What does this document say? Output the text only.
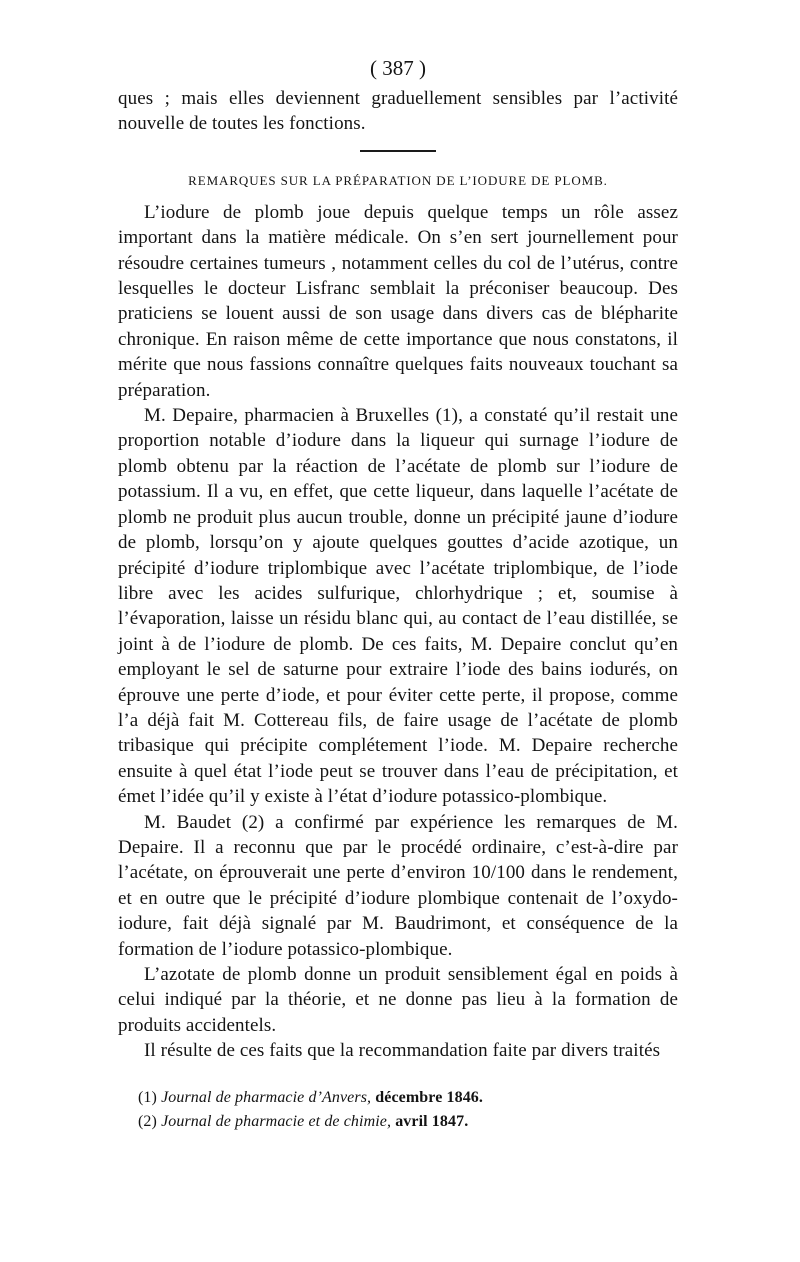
( 387 )

ques ; mais elles deviennent graduellement sensibles par l’activité nouvelle de toutes les fonctions.

REMARQUES SUR LA PRÉPARATION DE L’IODURE DE PLOMB.

L’iodure de plomb joue depuis quelque temps un rôle assez important dans la matière médicale. On s’en sert journellement pour résoudre certaines tumeurs , notamment celles du col de l’utérus, contre lesquelles le docteur Lisfranc semblait la préconiser beaucoup. Des praticiens se louent aussi de son usage dans divers cas de blépharite chronique. En raison même de cette importance que nous constatons, il mérite que nous fassions connaître quelques faits nouveaux touchant sa préparation.

M. Depaire, pharmacien à Bruxelles (1), a constaté qu’il restait une proportion notable d’iodure dans la liqueur qui surnage l’iodure de plomb obtenu par la réaction de l’acétate de plomb sur l’iodure de potassium. Il a vu, en effet, que cette liqueur, dans laquelle l’acétate de plomb ne produit plus aucun trouble, donne un précipité jaune d’iodure de plomb, lorsqu’on y ajoute quelques gouttes d’acide azotique, un précipité d’iodure triplombique avec l’acétate triplombique, de l’iode libre avec les acides sulfurique, chlorhydrique ; et, soumise à l’évaporation, laisse un résidu blanc qui, au contact de l’eau distillée, se joint à de l’iodure de plomb. De ces faits, M. Depaire conclut qu’en employant le sel de saturne pour extraire l’iode des bains iodurés, on éprouve une perte d’iode, et pour éviter cette perte, il propose, comme l’a déjà fait M. Cottereau fils, de faire usage de l’acétate de plomb tribasique qui précipite complétement l’iode. M. Depaire recherche ensuite à quel état l’iode peut se trouver dans l’eau de précipitation, et émet l’idée qu’il y existe à l’état d’iodure potassico-plombique.

M. Baudet (2) a confirmé par expérience les remarques de M. Depaire. Il a reconnu que par le procédé ordinaire, c’est-à-dire par l’acétate, on éprouverait une perte d’environ 10/100 dans le rendement, et en outre que le précipité d’iodure plombique contenait de l’oxydo-iodure, fait déjà signalé par M. Baudrimont, et conséquence de la formation de l’iodure potassico-plombique.

L’azotate de plomb donne un produit sensiblement égal en poids à celui indiqué par la théorie, et ne donne pas lieu à la formation de produits accidentels.

Il résulte de ces faits que la recommandation faite par divers traités

(1) Journal de pharmacie d’Anvers, décembre 1846.

(2) Journal de pharmacie et de chimie, avril 1847.
